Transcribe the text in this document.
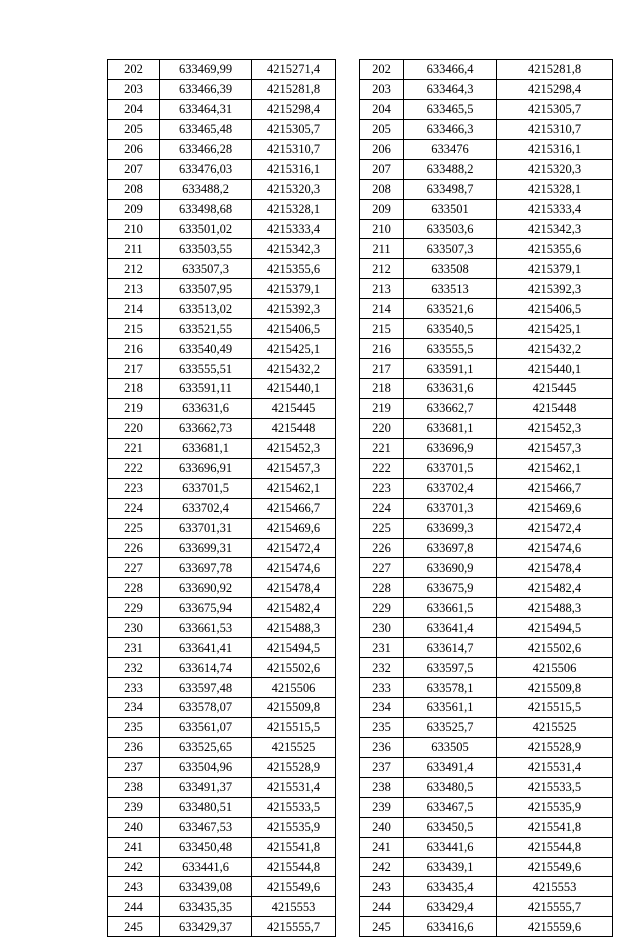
202	633469,99	4215271,4
203	633466,39	4215281,8
204	633464,31	4215298,4
205	633465,48	4215305,7
206	633466,28	4215310,7
207	633476,03	4215316,1
208	633488,2	4215320,3
209	633498,68	4215328,1
210	633501,02	4215333,4
211	633503,55	4215342,3
212	633507,3	4215355,6
213	633507,95	4215379,1
214	633513,02	4215392,3
215	633521,55	4215406,5
216	633540,49	4215425,1
217	633555,51	4215432,2
218	633591,11	4215440,1
219	633631,6	4215445
220	633662,73	4215448
221	633681,1	4215452,3
222	633696,91	4215457,3
223	633701,5	4215462,1
224	633702,4	4215466,7
225	633701,31	4215469,6
226	633699,31	4215472,4
227	633697,78	4215474,6
228	633690,92	4215478,4
229	633675,94	4215482,4
230	633661,53	4215488,3
231	633641,41	4215494,5
232	633614,74	4215502,6
233	633597,48	4215506
234	633578,07	4215509,8
235	633561,07	4215515,5
236	633525,65	4215525
237	633504,96	4215528,9
238	633491,37	4215531,4
239	633480,51	4215533,5
240	633467,53	4215535,9
241	633450,48	4215541,8
242	633441,6	4215544,8
243	633439,08	4215549,6
244	633435,35	4215553
245	633429,37	4215555,7
202	633466,4	4215281,8
203	633464,3	4215298,4
204	633465,5	4215305,7
205	633466,3	4215310,7
206	633476	4215316,1
207	633488,2	4215320,3
208	633498,7	4215328,1
209	633501	4215333,4
210	633503,6	4215342,3
211	633507,3	4215355,6
212	633508	4215379,1
213	633513	4215392,3
214	633521,6	4215406,5
215	633540,5	4215425,1
216	633555,5	4215432,2
217	633591,1	4215440,1
218	633631,6	4215445
219	633662,7	4215448
220	633681,1	4215452,3
221	633696,9	4215457,3
222	633701,5	4215462,1
223	633702,4	4215466,7
224	633701,3	4215469,6
225	633699,3	4215472,4
226	633697,8	4215474,6
227	633690,9	4215478,4
228	633675,9	4215482,4
229	633661,5	4215488,3
230	633641,4	4215494,5
231	633614,7	4215502,6
232	633597,5	4215506
233	633578,1	4215509,8
234	633561,1	4215515,5
235	633525,7	4215525
236	633505	4215528,9
237	633491,4	4215531,4
238	633480,5	4215533,5
239	633467,5	4215535,9
240	633450,5	4215541,8
241	633441,6	4215544,8
242	633439,1	4215549,6
243	633435,4	4215553
244	633429,4	4215555,7
245	633416,6	4215559,6
